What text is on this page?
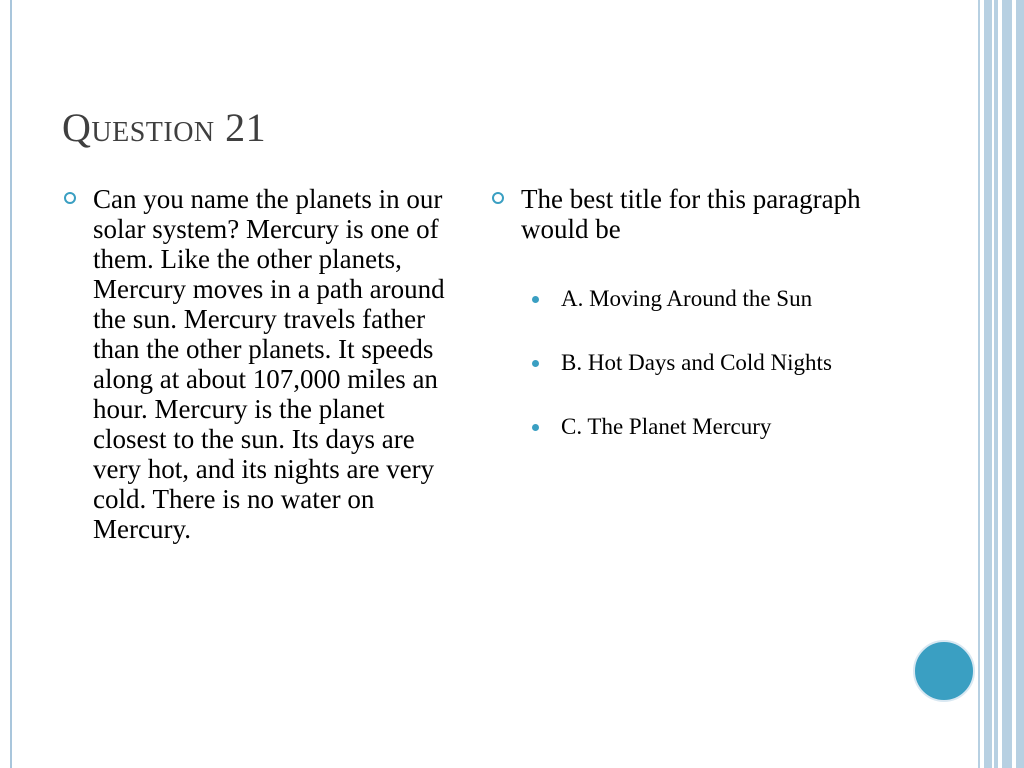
Question 21
Can you name the planets in our solar system? Mercury is one of them. Like the other planets, Mercury moves in a path around the sun. Mercury travels father than the other planets. It speeds along at about 107,000 miles an hour. Mercury is the planet closest to the sun. Its days are very hot, and its nights are very cold. There is no water on Mercury.
The best title for this paragraph would be
A. Moving Around the Sun
B. Hot Days and Cold Nights
C. The Planet Mercury
